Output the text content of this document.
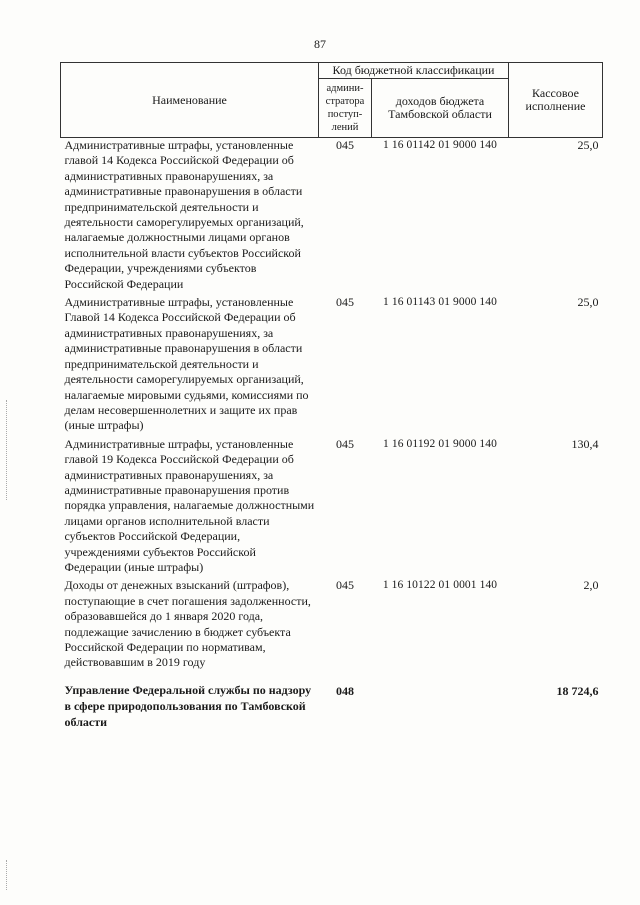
87
Наименование	Код бюджетной классификации		Кассовое
исполнение
	админи-
стратора
поступ-
лений	доходов бюджета
Тамбовской области	
Административные штрафы, установленные главой 14 Кодекса Российской Федерации об административных правонарушениях, за административные правонарушения в области предпринимательской деятельности и деятельности саморегулируемых организаций, налагаемые должностными лицами органов исполнительной власти субъектов Российской Федерации, учреждениями субъектов Российской Федерации	045	1 16 01142 01 9000 140	25,0
Административные штрафы, установленные Главой 14 Кодекса Российской Федерации об административных правонарушениях, за административные правонарушения в области предпринимательской деятельности и деятельности саморегулируемых организаций, налагаемые мировыми судьями, комиссиями по делам несовершеннолетних и защите их прав (иные штрафы)	045	1 16 01143 01 9000 140	25,0
Административные штрафы, установленные главой 19 Кодекса Российской Федерации об административных правонарушениях, за административные правонарушения против порядка управления, налагаемые должностными лицами органов исполнительной власти субъектов Российской Федерации, учреждениями субъектов Российской Федерации (иные штрафы)	045	1 16 01192 01 9000 140	130,4
Доходы от денежных взысканий (штрафов), поступающие в счет погашения задолженности, образовавшейся до 1 января 2020 года, подлежащие зачислению в бюджет субъекта Российской Федерации по нормативам, действовавшим в 2019 году	045	1 16 10122 01 0001 140	2,0
Управление Федеральной службы по надзору в сфере природопользования по Тамбовской области	048		18 724,6
